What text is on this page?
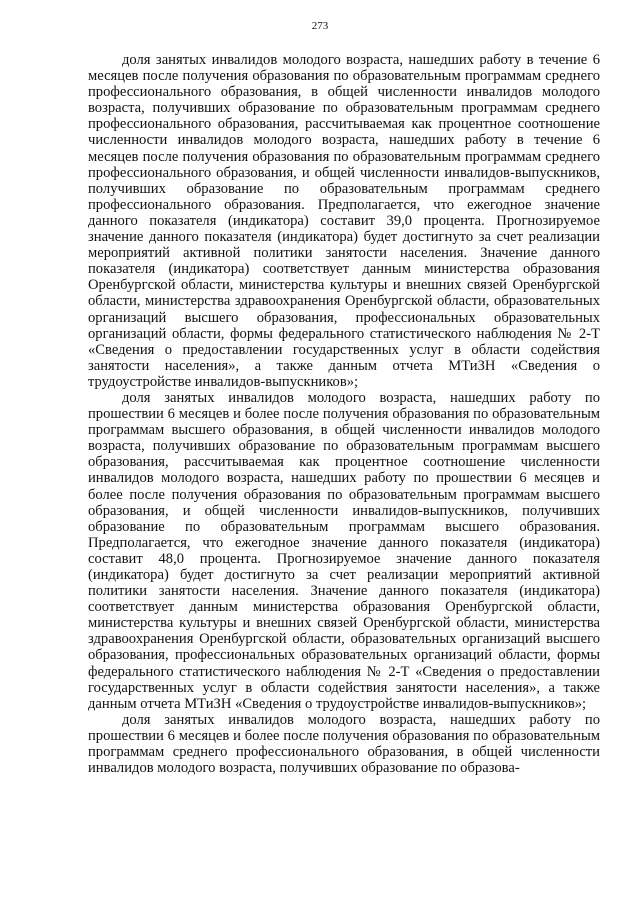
273

доля занятых инвалидов молодого возраста, нашедших работу в течение 6 месяцев после получения образования по образовательным программам среднего профессионального образования, в общей численности инвалидов молодого возраста, получивших образование по образовательным программам среднего профессионального образования, рассчитываемая как процентное соотношение численности инвалидов молодого возраста, нашедших работу в течение 6 месяцев после получения образования по образовательным программам среднего профессионального образования, и общей численности инвалидов-выпускников, получивших образование по образовательным программам среднего профессионального образования. Предполагается, что ежегодное значение данного показателя (индикатора) составит 39,0 процента. Прогнозируемое значение данного показателя (индикатора) будет достигнуто за счет реализации мероприятий активной политики занятости населения. Значение данного показателя (индикатора) соответствует данным министерства образования Оренбургской области, министерства культуры и внешних связей Оренбургской области, министерства здравоохранения Оренбургской области, образовательных организаций высшего образования, профессиональных образовательных организаций области, формы федерального статистического наблюдения № 2-Т «Сведения о предоставлении государственных услуг в области содействия занятости населения», а также данным отчета МТиЗН «Сведения о трудоустройстве инвалидов-выпускников»;

доля занятых инвалидов молодого возраста, нашедших работу по прошествии 6 месяцев и более после получения образования по образовательным программам высшего образования, в общей численности инвалидов молодого возраста, получивших образование по образовательным программам высшего образования, рассчитываемая как процентное соотношение численности инвалидов молодого возраста, нашедших работу по прошествии 6 месяцев и более после получения образования по образовательным программам высшего образования, и общей численности инвалидов-выпускников, получивших образование по образовательным программам высшего образования. Предполагается, что ежегодное значение данного показателя (индикатора) составит 48,0 процента. Прогнозируемое значение данного показателя (индикатора) будет достигнуто за счет реализации мероприятий активной политики занятости населения. Значение данного показателя (индикатора) соответствует данным министерства образования Оренбургской области, министерства культуры и внешних связей Оренбургской области, министерства здравоохранения Оренбургской области, образовательных организаций высшего образования, профессиональных образовательных организаций области, формы федерального статистического наблюдения № 2-Т «Сведения о предоставлении государственных услуг в области содействия занятости населения», а также данным отчета МТиЗН «Сведения о трудоустройстве инвалидов-выпускников»;

доля занятых инвалидов молодого возраста, нашедших работу по прошествии 6 месяцев и более после получения образования по образовательным программам среднего профессионального образования, в общей численности инвалидов молодого возраста, получивших образование по образова-
